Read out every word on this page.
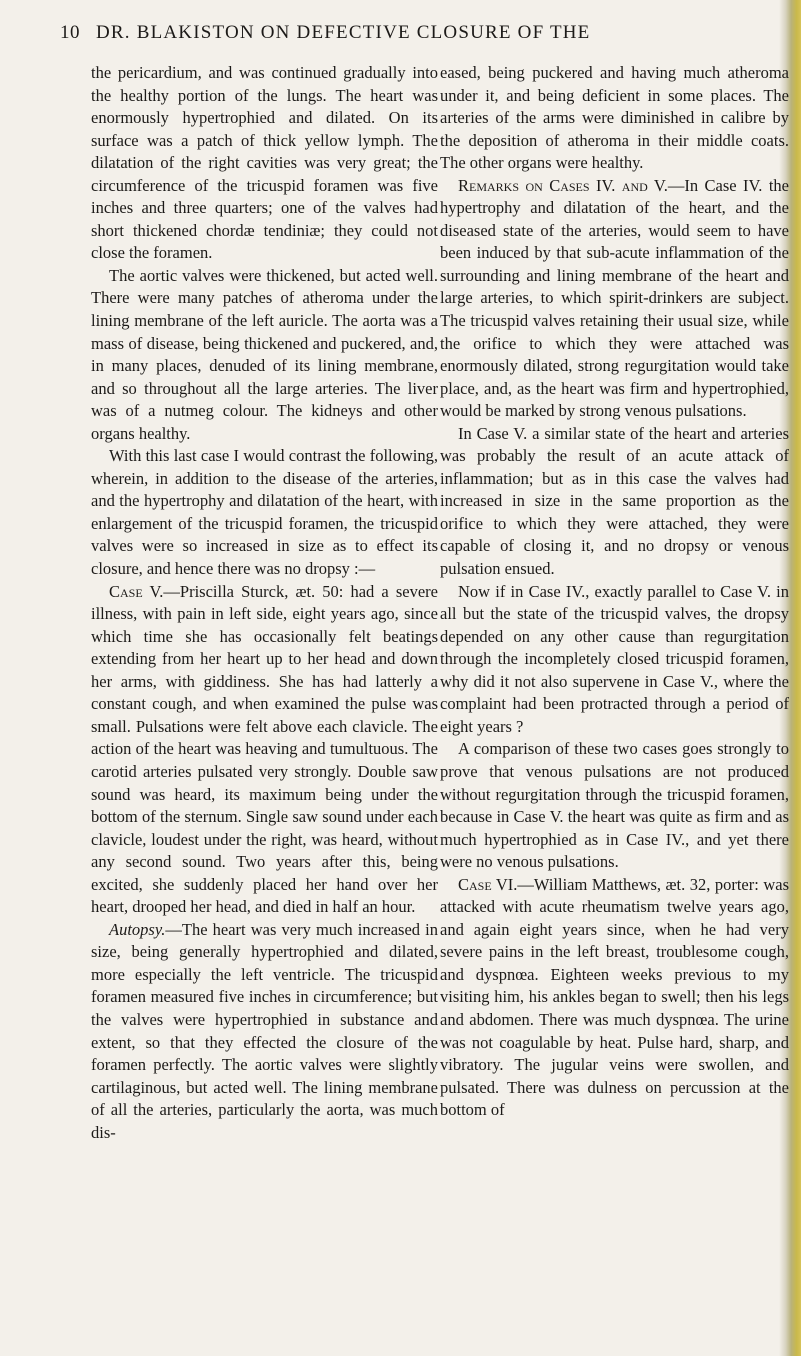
10 DR. BLAKISTON ON DEFECTIVE CLOSURE OF THE

the pericardium, and was continued gradually into the healthy portion of the lungs. The heart was enormously hypertrophied and dilated. On its surface was a patch of thick yellow lymph. The dilatation of the right cavities was very great; the circumference of the tricuspid foramen was five inches and three quarters; one of the valves had short thickened chordæ tendiniæ; they could not close the foramen.

The aortic valves were thickened, but acted well. There were many patches of atheroma under the lining membrane of the left auricle. The aorta was a mass of disease, being thickened and puckered, and, in many places, denuded of its lining membrane, and so throughout all the large arteries. The liver was of a nutmeg colour. The kidneys and other organs healthy.

With this last case I would contrast the following, wherein, in addition to the disease of the arteries, and the hypertrophy and dilatation of the heart, with enlargement of the tricuspid foramen, the tricuspid valves were so increased in size as to effect its closure, and hence there was no dropsy :—

Case V.—Priscilla Sturck, æt. 50: had a severe illness, with pain in left side, eight years ago, since which time she has occasionally felt beatings extending from her heart up to her head and down her arms, with giddiness. She has had latterly a constant cough, and when examined the pulse was small. Pulsations were felt above each clavicle. The action of the heart was heaving and tumultuous. The carotid arteries pulsated very strongly. Double saw sound was heard, its maximum being under the bottom of the sternum. Single saw sound under each clavicle, loudest under the right, was heard, without any second sound. Two years after this, being excited, she suddenly placed her hand over her heart, drooped her head, and died in half an hour.

Autopsy.—The heart was very much increased in size, being generally hypertrophied and dilated, more especially the left ventricle. The tricuspid foramen measured five inches in circumference; but the valves were hypertrophied in substance and extent, so that they effected the closure of the foramen perfectly. The aortic valves were slightly cartilaginous, but acted well. The lining membrane of all the arteries, particularly the aorta, was much dis-

eased, being puckered and having much atheroma under it, and being deficient in some places. The arteries of the arms were diminished in calibre by the deposition of atheroma in their middle coats. The other organs were healthy.

Remarks on Cases IV. and V.—In Case IV. the hypertrophy and dilatation of the heart, and the diseased state of the arteries, would seem to have been induced by that sub-acute inflammation of the surrounding and lining membrane of the heart and large arteries, to which spirit-drinkers are subject. The tricuspid valves retaining their usual size, while the orifice to which they were attached was enormously dilated, strong regurgitation would take place, and, as the heart was firm and hypertrophied, would be marked by strong venous pulsations.

In Case V. a similar state of the heart and arteries was probably the result of an acute attack of inflammation; but as in this case the valves had increased in size in the same proportion as the orifice to which they were attached, they were capable of closing it, and no dropsy or venous pulsation ensued.

Now if in Case IV., exactly parallel to Case V. in all but the state of the tricuspid valves, the dropsy depended on any other cause than regurgitation through the incompletely closed tricuspid foramen, why did it not also supervene in Case V., where the complaint had been protracted through a period of eight years ?

A comparison of these two cases goes strongly to prove that venous pulsations are not produced without regurgitation through the tricuspid foramen, because in Case V. the heart was quite as firm and as much hypertrophied as in Case IV., and yet there were no venous pulsations.

Case VI.—William Matthews, æt. 32, porter: was attacked with acute rheumatism twelve years ago, and again eight years since, when he had very severe pains in the left breast, troublesome cough, and dyspnœa. Eighteen weeks previous to my visiting him, his ankles began to swell; then his legs and abdomen. There was much dyspnœa. The urine was not coagulable by heat. Pulse hard, sharp, and vibratory. The jugular veins were swollen, and pulsated. There was dulness on percussion at the bottom of
